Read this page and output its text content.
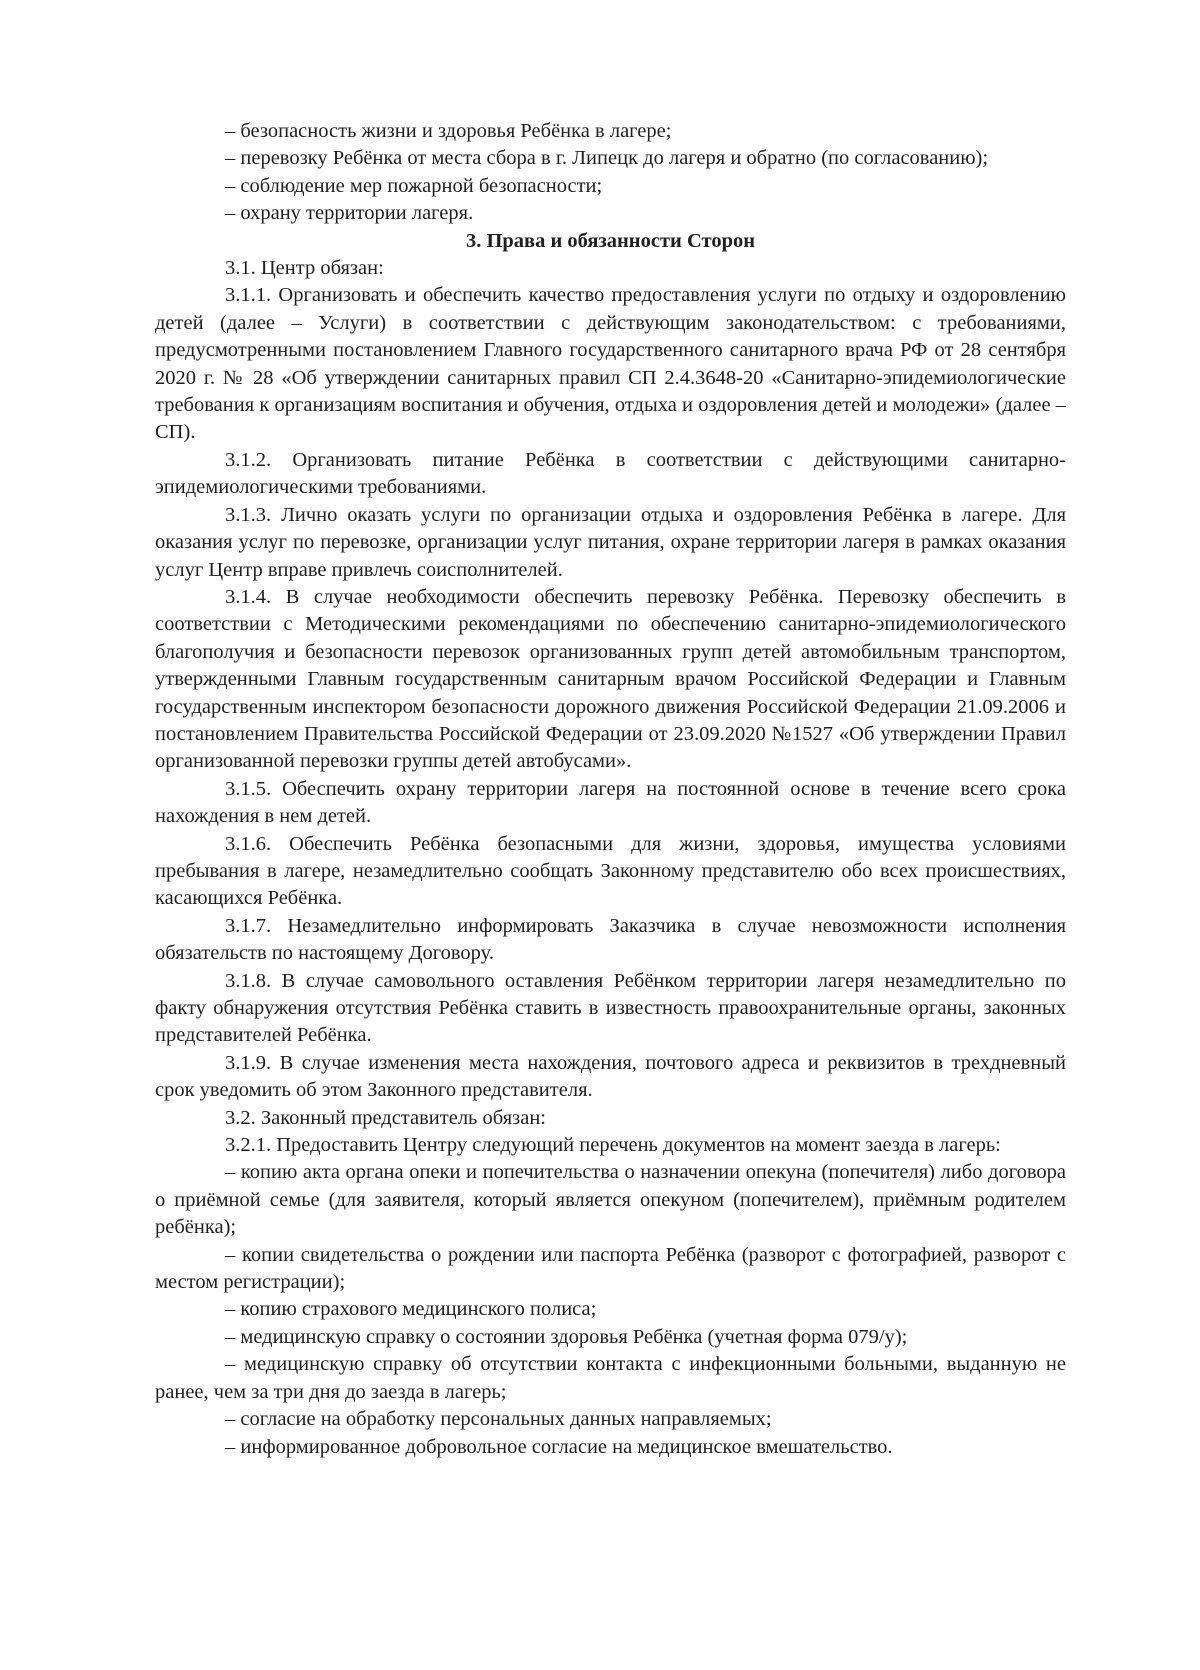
– безопасность жизни и здоровья Ребёнка в лагере;

– перевозку Ребёнка от места сбора в г. Липецк до лагеря и обратно (по согласованию);

– соблюдение мер пожарной безопасности;

– охрану территории лагеря.

3. Права и обязанности Сторон

3.1. Центр обязан:

3.1.1. Организовать и обеспечить качество предоставления услуги по отдыху и оздоровлению детей (далее – Услуги) в соответствии с действующим законодательством: с требованиями, предусмотренными постановлением Главного государственного санитарного врача РФ от 28 сентября 2020 г. № 28 «Об утверждении санитарных правил СП 2.4.3648-20 «Санитарно-эпидемиологические требования к организациям воспитания и обучения, отдыха и оздоровления детей и молодежи» (далее – СП).

3.1.2. Организовать питание Ребёнка в соответствии с действующими санитарно-эпидемиологическими требованиями.

3.1.3. Лично оказать услуги по организации отдыха и оздоровления Ребёнка в лагере. Для оказания услуг по перевозке, организации услуг питания, охране территории лагеря в рамках оказания услуг Центр вправе привлечь соисполнителей.

3.1.4. В случае необходимости обеспечить перевозку Ребёнка. Перевозку обеспечить в соответствии с Методическими рекомендациями по обеспечению санитарно-эпидемиологического благополучия и безопасности перевозок организованных групп детей автомобильным транспортом, утвержденными Главным государственным санитарным врачом Российской Федерации и Главным государственным инспектором безопасности дорожного движения Российской Федерации 21.09.2006 и постановлением Правительства Российской Федерации от 23.09.2020 №1527 «Об утверждении Правил организованной перевозки группы детей автобусами».

3.1.5. Обеспечить охрану территории лагеря на постоянной основе в течение всего срока нахождения в нем детей.

3.1.6. Обеспечить Ребёнка безопасными для жизни, здоровья, имущества условиями пребывания в лагере, незамедлительно сообщать Законному представителю обо всех происшествиях, касающихся Ребёнка.

3.1.7. Незамедлительно информировать Заказчика в случае невозможности исполнения обязательств по настоящему Договору.

3.1.8. В случае самовольного оставления Ребёнком территории лагеря незамедлительно по факту обнаружения отсутствия Ребёнка ставить в известность правоохранительные органы, законных представителей Ребёнка.

3.1.9. В случае изменения места нахождения, почтового адреса и реквизитов в трехдневный срок уведомить об этом Законного представителя.

3.2. Законный представитель обязан:

3.2.1. Предоставить Центру следующий перечень документов на момент заезда в лагерь:

– копию акта органа опеки и попечительства о назначении опекуна (попечителя) либо договора о приёмной семье (для заявителя, который является опекуном (попечителем), приёмным родителем ребёнка);

– копии свидетельства о рождении или паспорта Ребёнка (разворот с фотографией, разворот с местом регистрации);

– копию страхового медицинского полиса;

– медицинскую справку о состоянии здоровья Ребёнка (учетная форма 079/у);

– медицинскую справку об отсутствии контакта с инфекционными больными, выданную не ранее, чем за три дня до заезда в лагерь;

– согласие на обработку персональных данных направляемых;

– информированное добровольное согласие на медицинское вмешательство.
